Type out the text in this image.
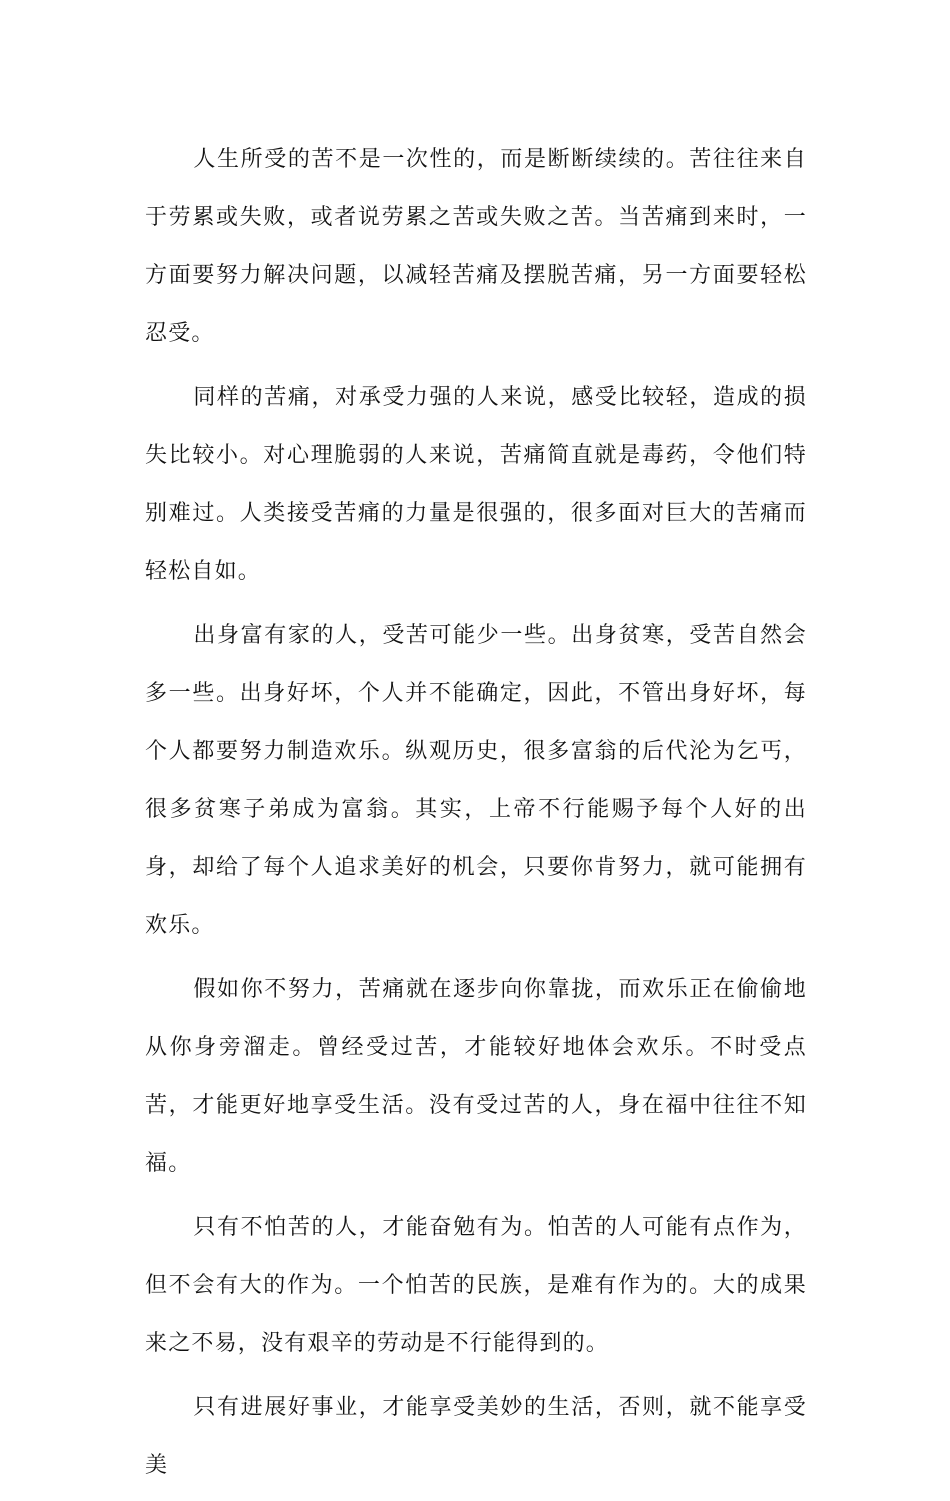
人生所受的苦不是一次性的，而是断断续续的。苦往往来自于劳累或失败，或者说劳累之苦或失败之苦。当苦痛到来时，一方面要努力解决问题，以减轻苦痛及摆脱苦痛，另一方面要轻松忍受。

同样的苦痛，对承受力强的人来说，感受比较轻，造成的损失比较小。对心理脆弱的人来说，苦痛简直就是毒药，令他们特别难过。人类接受苦痛的力量是很强的，很多面对巨大的苦痛而轻松自如。

出身富有家的人，受苦可能少一些。出身贫寒，受苦自然会多一些。出身好坏，个人并不能确定，因此，不管出身好坏，每个人都要努力制造欢乐。纵观历史，很多富翁的后代沦为乞丐，很多贫寒子弟成为富翁。其实，上帝不行能赐予每个人好的出身，却给了每个人追求美好的机会，只要你肯努力，就可能拥有欢乐。

假如你不努力，苦痛就在逐步向你靠拢，而欢乐正在偷偷地从你身旁溜走。曾经受过苦，才能较好地体会欢乐。不时受点苦，才能更好地享受生活。没有受过苦的人，身在福中往往不知福。

只有不怕苦的人，才能奋勉有为。怕苦的人可能有点作为，但不会有大的作为。一个怕苦的民族，是难有作为的。大的成果来之不易，没有艰辛的劳动是不行能得到的。

只有进展好事业，才能享受美妙的生活，否则，就不能享受美
